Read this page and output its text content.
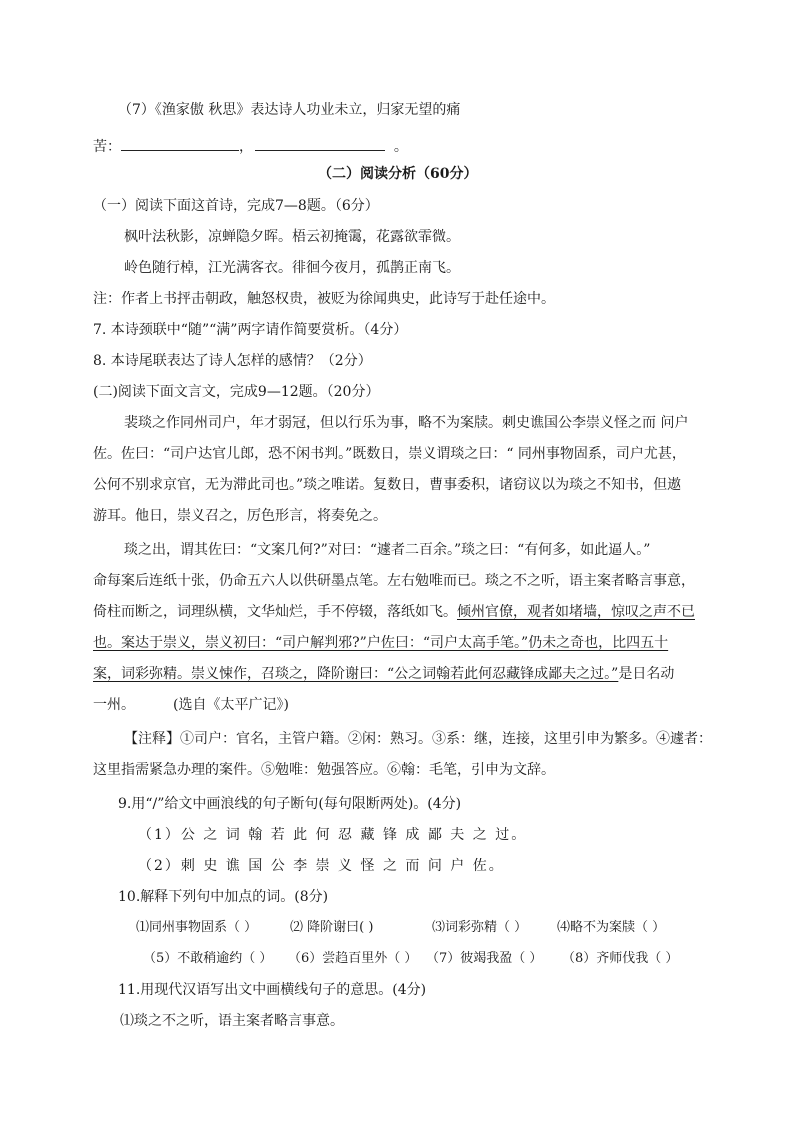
（7）《渔家傲 秋思》表达诗人功业未立，归家无望的痛
苦：	，	。
（二）阅读分析（60分）
（一）阅读下面这首诗，完成7—8题。（6分）
枫叶法秋影，凉蝉隐夕晖。梧云初掩霭，花露欲霏微。
岭色随行棹，江光满客衣。徘徊今夜月，孤鹊正南飞。
注：作者上书抨击朝政，触怒权贵，被贬为徐闻典史，此诗写于赴任途中。
7. 本诗颈联中“随”“满”两字请作简要赏析。（4分）
8. 本诗尾联表达了诗人怎样的感情？（2分）
(二)阅读下面文言文，完成9—12题。（20分）
裴琰之作同州司户，年才弱冠，但以行乐为事，略不为案牍。刺史谯国公李崇义怪之而 问户
佐。佐曰：“司户达官儿郎，恐不闲书判。”既数日，崇义谓琰之曰：“ 同州事物固系，司户尤甚，
公何不别求京官，无为滞此司也。”琰之唯诺。复数日，曹事委积，诸窃议以为琰之不知书，但遨
游耳。他日，崇义召之，厉色形言，将奏免之。
琰之出，谓其佐曰：“文案几何?”对曰：“遽者二百余。”琰之曰：“有何多，如此逼人。”
命每案后连纸十张，仍命五六人以供研墨点笔。左右勉唯而已。琰之不之听，语主案者略言事意，
倚柱而断之，词理纵横，文华灿烂，手不停辍，落纸如飞。倾州官僚，观者如堵墙，惊叹之声不已
也。案达于崇义，崇义初曰：“司户解判邪?”户佐曰：“司户太高手笔。”仍未之奇也，比四五十
案，词彩弥精。崇义悚作，召琰之，降阶谢曰：“公之词翰若此何忍藏锋成鄙夫之过。”是日名动
一州。	(选自《太平广记》)
【注释】①司户：官名，主管户籍。②闲：熟习。③系：继，连接，这里引申为繁多。④遽者：
这里指需紧急办理的案件。⑤勉唯：勉强答应。⑥翰：毛笔，引申为文辞。
9.用“/”给文中画浪线的句子断句(每句限断两处)。(4分)
（1）公 之 词 翰 若 此 何 忍 藏 锋 成 鄙 夫 之 过。
（2）刺 史 谯 国 公 李 崇 义 怪 之 而 问 户 佐。
10.解释下列句中加点的词。(8分)
⑴同州事物固系（ ）	⑵ 降阶谢曰( )	⑶词彩弥精（ ） ⑷略不为案牍（ ）
（5）不敢稍逾约（ ） （6）尝趋百里外（ ） （7）彼竭我盈（ ） （8）齐师伐我（ ）
11.用现代汉语写出文中画横线句子的意思。(4分)
⑴琰之不之听，语主案者略言事意。
